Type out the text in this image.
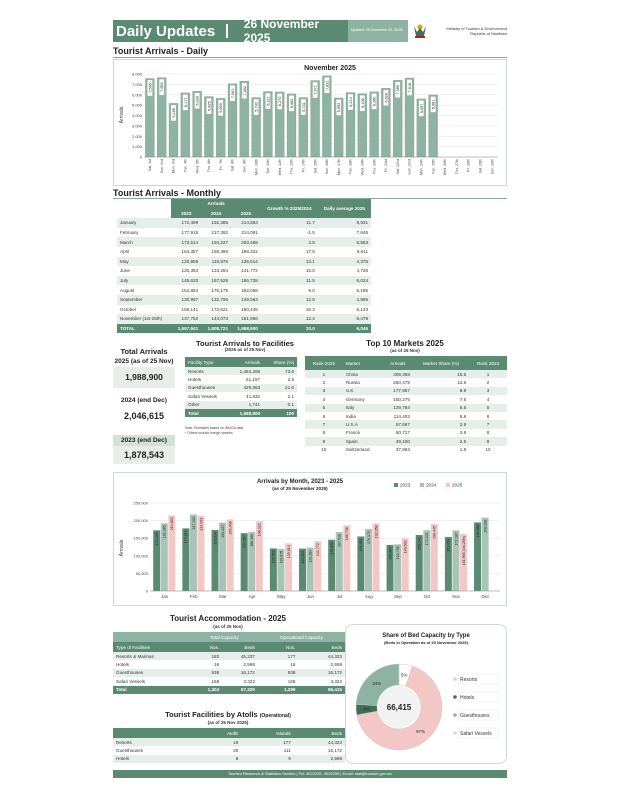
Daily Updates	26 November 2025
Updated: 26 November 25, 08:00	Ministry of Tourism & Environment
Republic of Maldives
Tourist Arrivals - Daily
November 2025
Arrivals
0
1,000
2,000
3,000
4,000
5,000
6,000
7,000
8,000
7,566
Sat, 1st
7,653
Sun, 2nd
5,165
Mon, 3rd
6,177
Tue, 4th
6,334
Wed, 5th
5,825
Thu, 6th
5,650
Fri, 7th
7,061
Sat, 8th
7,302
Sun, 9th
5,730
Mon, 10th
6,311
Tue, 11th
6,270
Wed, 12th
6,082
Thu, 13th
5,731
Fri, 14th
7,371
Sat, 15th
7,831
Sun, 16th
5,692
Mon, 17th
6,214
Tue, 18th
6,108
Wed, 19th
6,280
Thu, 20th
6,628
Fri, 21st
7,399
Sat, 22nd
7,616
Sun, 23rd
5,597
Mon, 24th
5,981
Tue, 25th Wed, 26th Thu, 27th Fri, 28th Sat, 29th Sun, 30th
Tourist Arrivals - Monthly
	Arrivals			Growth % 2025/2024	Daily average 2025
	2023	2024	2025		
January	172,499	192,385	214,863	11.7	6,931
February	177,915	217,392	214,091	-1.5	7,646
March	173,514	194,227	203,468	4.8	6,563
April	164,357	168,366	198,322	17.8	6,611
May	120,959	119,875	135,614	13.1	4,375
June	120,363	123,284	141,772	15.0	4,726
July	145,620	167,528	186,738	11.5	6,024
August	154,854	176,175	192,058	9.0	6,195
September	130,967	132,795	149,563	12.6	4,985
October	159,141	172,621	190,445	10.3	6,143
November (1st-25th)	137,752	144,073	161,966	12.4	6,479
TOTAL	1,657,941	1,808,721	1,988,900	10.0	6,045
Total Arrivals
2025 (as of 25 Nov)
1,988,900
2024 (end Dec)
2,046,615
2023 (end Dec)
1,878,543
Tourist Arrivals to Facilities
(2025 as of 25 Nov)
Facility Type	Arrivals	Share (%)
Resorts	1,464,268	73.6
Hotels	51,197	2.6
Guesthouses	429,863	21.6
Safari Vessels	41,832	2.1
Other	1,741	0.1
Total	1,988,900	100
Note: Estimates based on IMUGA data.
* Others include foreign vessels
Top 10 Markets 2025
(as of 25 Nov)
Rank 2025	Market	Arrivals	Market Share (%)	Rank 2024
1	China	309,368	15.6	1
2	Russia	250,478	12.6	2
3	U.K	177,957	8.9	3
4	Germany	150,275	7.6	4
5	Italy	129,784	6.5	5
6	India	114,402	5.8	6
7	U.S.A	57,667	2.9	7
8	France	50,717	2.6	8
9	Spain	49,100	2.5	9
10	Switzerland	37,963	1.9	10
Arrivals by Month, 2023 - 2025
(as of 25 November 2025)
Arrivals
0
50,000
100,000
150,000
200,000
250,000
2023	2024	2025
172,499
192,385
214,863
Jan
177,915
217,392 214,091
Feb
173,514
194,227 203,468
Mar
164,357 168,366
198,322
Apr
120,959 119,875 135,614
May
120,363 123,284
141,772
Jun
145,620
167,528
186,738
Jul
154,854
176,175 192,058
Aug
130,967 132,795 149,563
Sep
159,141 172,621 190,445
Oct
153,658
172,387 161,966 (1st-25th)
Nov
194,898 208,388
Dec
Tourist Accommodation - 2025
(as of 25 Nov)
	Total Capacity		Operational Capacity	
Type of Facilities	Nos.	Beds	Nos.	Beds
Resorts & Marinas	182	45,237	177	44,323
Hotels	16	2,598	16	2,598
Guesthouses	938	16,172	938	16,172
Safari Vessels	168	3,322	168	3,322
Total	1,304	67,329	1,299	66,415
Tourist Facilities by Atolls (Operational)
(as of 25 Nov 2025)
	Atolls	Islands	Beds
Resorts	19	177	44,323
Guesthouses	20	111	16,172
Hotels	8	9	2,598
Share of Bed Capacity by Type
(Beds in Operation as of 25 November 2025)
5%
67%
4%
24%
66,415
Resorts
Hotels
Guesthouses
Safari Vessels
Tourism Research & Statistics Section | Tel: 3022226, 3022250 | Email: stat@tourism.gov.mv
